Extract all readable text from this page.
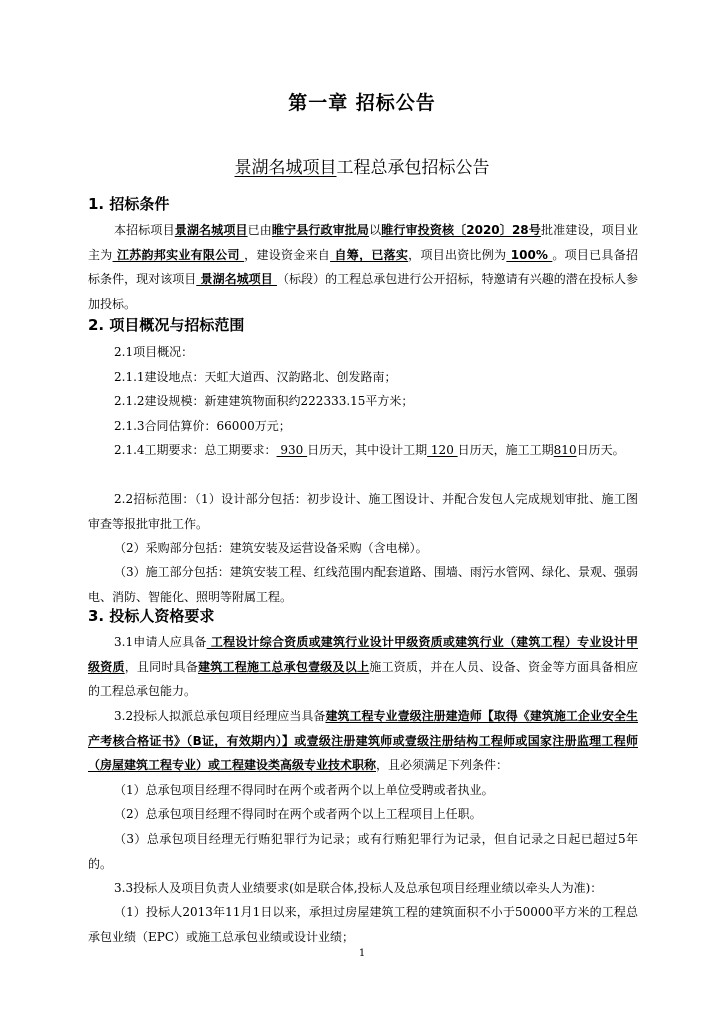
第一章 招标公告
景湖名城项目工程总承包招标公告
1. 招标条件
本招标项目景湖名城项目已由睢宁县行政审批局以睢行审投资核〔2020〕28号批准建设，项目业主为 江苏韵邦实业有限公司 ，建设资金来自 自筹，已落实，项目出资比例为 100% 。项目已具备招标条件，现对该项目 景湖名城项目 （标段）的工程总承包进行公开招标，特邀请有兴趣的潜在投标人参加投标。
2. 项目概况与招标范围
2.1项目概况：
2.1.1建设地点：天虹大道西、汉韵路北、创发路南；
2.1.2建设规模：新建建筑物面积约222333.15平方米；
2.1.3合同估算价：66000万元；
2.1.4工期要求：总工期要求： 930 日历天，其中设计工期 120 日历天，施工工期810日历天。
2.2招标范围：（1）设计部分包括：初步设计、施工图设计、并配合发包人完成规划审批、施工图审查等报批审批工作。
（2）采购部分包括：建筑安装及运营设备采购（含电梯）。
（3）施工部分包括：建筑安装工程、红线范围内配套道路、围墙、雨污水管网、绿化、景观、强弱电、消防、智能化、照明等附属工程。
3. 投标人资格要求
3.1申请人应具备 工程设计综合资质或建筑行业设计甲级资质或建筑行业（建筑工程）专业设计甲级资质，且同时具备建筑工程施工总承包壹级及以上施工资质，并在人员、设备、资金等方面具备相应的工程总承包能力。
3.2投标人拟派总承包项目经理应当具备建筑工程专业壹级注册建造师【取得《建筑施工企业安全生产考核合格证书》（B证，有效期内）】或壹级注册建筑师或壹级注册结构工程师或国家注册监理工程师（房屋建筑工程专业）或工程建设类高级专业技术职称，且必须满足下列条件：
（1）总承包项目经理不得同时在两个或者两个以上单位受聘或者执业。
（2）总承包项目经理不得同时在两个或者两个以上工程项目上任职。
（3）总承包项目经理无行贿犯罪行为记录；或有行贿犯罪行为记录，但自记录之日起已超过5年的。
3.3投标人及项目负责人业绩要求(如是联合体,投标人及总承包项目经理业绩以牵头人为准)：
（1）投标人2013年11月1日以来，承担过房屋建筑工程的建筑面积不小于50000平方米的工程总承包业绩（EPC）或施工总承包业绩或设计业绩；
1
